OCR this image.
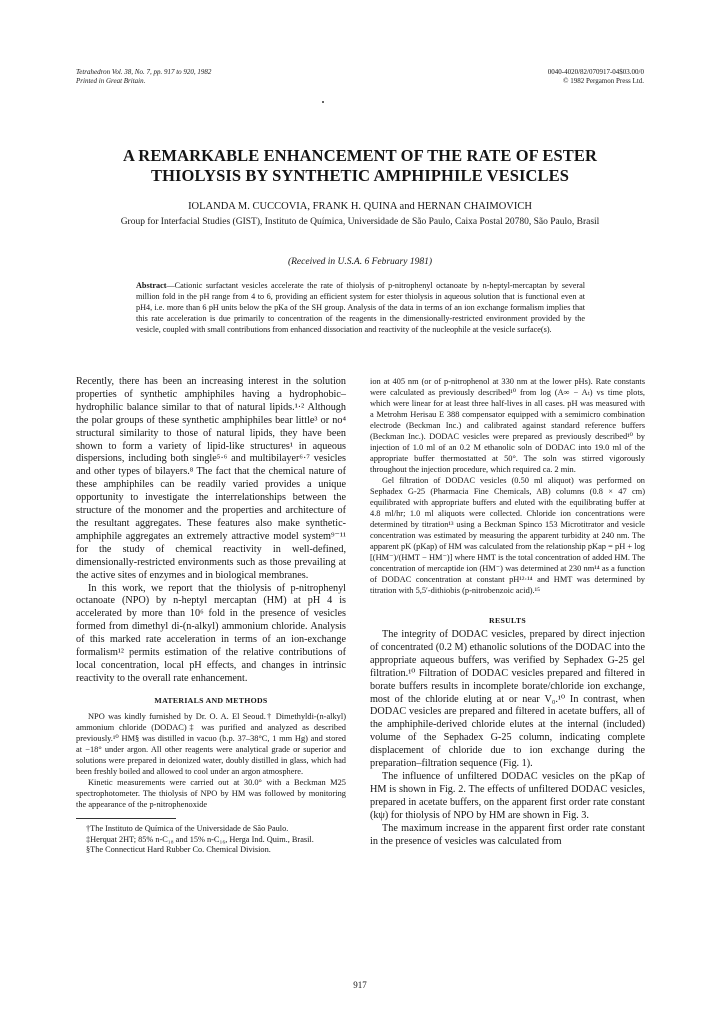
Tetrahedron Vol. 38, No. 7, pp. 917 to 920, 1982
Printed in Great Britain.
0040-4020/82/070917-04$03.00/0
© 1982 Pergamon Press Ltd.
A REMARKABLE ENHANCEMENT OF THE RATE OF ESTER
THIOLYSIS BY SYNTHETIC AMPHIPHILE VESICLES
IOLANDA M. CUCCOVIA, FRANK H. QUINA and HERNAN CHAIMOVICH
Group for Interfacial Studies (GIST), Instituto de Química, Universidade de São Paulo, Caixa Postal 20780, São Paulo, Brasil
(Received in U.S.A. 6 February 1981)
Abstract—Cationic surfactant vesicles accelerate the rate of thiolysis of p-nitrophenyl octanoate by n-heptyl-mercaptan by several million fold in the pH range from 4 to 6, providing an efficient system for ester thiolysis in aqueous solution that is functional even at pH4, i.e. more than 6 pH units below the pKa of the SH group. Analysis of the data in terms of an ion exchange formalism implies that this rate acceleration is due primarily to concentration of the reagents in the dimensionally-restricted environment provided by the vesicle, coupled with small contributions from enhanced dissociation and reactivity of the nucleophile at the vesicle surface(s).

Recently, there has been an increasing interest in the solution properties of synthetic amphiphiles having a hydrophobic–hydrophilic balance similar to that of natural lipids.¹·² Although the polar groups of these synthetic amphiphiles bear little³ or no⁴ structural similarity to those of natural lipids, they have been shown to form a variety of lipid-like structures¹ in aqueous dispersions, including both single⁵·⁶ and multibilayer⁶·⁷ vesicles and other types of bilayers.⁸ The fact that the chemical nature of these amphiphiles can be readily varied provides a unique opportunity to investigate the interrelationships between the structure of the monomer and the properties and architecture of the resultant aggregates. These features also make synthetic-amphiphile aggregates an extremely attractive model system⁹⁻¹¹ for the study of chemical reactivity in well-defined, dimensionally-restricted environments such as those prevailing at the active sites of enzymes and in biological membranes.

In this work, we report that the thiolysis of p-nitrophenyl octanoate (NPO) by n-heptyl mercaptan (HM) at pH 4 is accelerated by more than 10⁶ fold in the presence of vesicles formed from dimethyl di-(n-alkyl) ammonium chloride. Analysis of this marked rate acceleration in terms of an ion-exchange formalism¹² permits estimation of the relative contributions of local concentration, local pH effects, and changes in intrinsic reactivity to the overall rate enhancement.

MATERIALS AND METHODS

NPO was kindly furnished by Dr. O. A. El Seoud.† Dimethyldi-(n-alkyl) ammonium chloride (DODAC)‡ was purified and analyzed as described previously.¹⁰ HM§ was distilled in vacuo (b.p. 37–38°C, 1 mm Hg) and stored at −18° under argon. All other reagents were analytical grade or superior and solutions were prepared in deionized water, doubly distilled in glass, which had been freshly boiled and allowed to cool under an argon atmosphere.

Kinetic measurements were carried out at 30.0° with a Beckman M25 spectrophotometer. The thiolysis of NPO by HM was followed by monitoring the appearance of the p-nitrophenoxide

†The Instituto de Química of the Universidade de São Paulo.

‡Herquat 2HT; 85% n-C₁₈ and 15% n-C₁₆, Herga Ind. Quim., Brasil.

§The Connecticut Hard Rubber Co. Chemical Division.

ion at 405 nm (or of p-nitrophenol at 330 nm at the lower pHs). Rate constants were calculated as previously described¹⁰ from log (A∞ − Aₜ) vs time plots, which were linear for at least three half-lives in all cases. pH was measured with a Metrohm Herisau E 388 compensator equipped with a semimicro combination electrode (Beckman Inc.) and calibrated against standard reference buffers (Beckman Inc.). DODAC vesicles were prepared as previously described¹⁰ by injection of 1.0 ml of an 0.2 M ethanolic soln of DODAC into 19.0 ml of the appropriate buffer thermostatted at 50°. The soln was stirred vigorously throughout the injection procedure, which required ca. 2 min.

Gel filtration of DODAC vesicles (0.50 ml aliquot) was performed on Sephadex G-25 (Pharmacia Fine Chemicals, AB) columns (0.8 × 47 cm) equilibrated with appropriate buffers and eluted with the equilibrating buffer at 4.8 ml/hr; 1.0 ml aliquots were collected. Chloride ion concentrations were determined by titration¹³ using a Beckman Spinco 153 Microtitrator and vesicle concentration was estimated by measuring the apparent turbidity at 240 nm. The apparent pK (pKap) of HM was calculated from the relationship pKap = pH + log [(HM⁻)/(HMT − HM⁻)] where HMT is the total concentration of added HM. The concentration of mercaptide ion (HM⁻) was determined at 230 nm¹⁴ as a function of DODAC concentration at constant pH¹²·¹⁴ and HMT was determined by titration with 5,5′-dithiobis (p-nitrobenzoic acid).¹⁵

RESULTS

The integrity of DODAC vesicles, prepared by direct injection of concentrated (0.2 M) ethanolic solutions of the DODAC into the appropriate aqueous buffers, was verified by Sephadex G-25 gel filtration.¹⁰ Filtration of DODAC vesicles prepared and filtered in borate buffers results in incomplete borate/chloride ion exchange, most of the chloride eluting at or near V₀.¹⁰ In contrast, when DODAC vesicles are prepared and filtered in acetate buffers, all of the amphiphile-derived chloride elutes at the internal (included) volume of the Sephadex G-25 column, indicating complete displacement of chloride due to ion exchange during the preparation–filtration sequence (Fig. 1).

The influence of unfiltered DODAC vesicles on the pKap of HM is shown in Fig. 2. The effects of unfiltered DODAC vesicles, prepared in acetate buffers, on the apparent first order rate constant (kψ) for thiolysis of NPO by HM are shown in Fig. 3.

The maximum increase in the apparent first order rate constant in the presence of vesicles was calculated from

917
